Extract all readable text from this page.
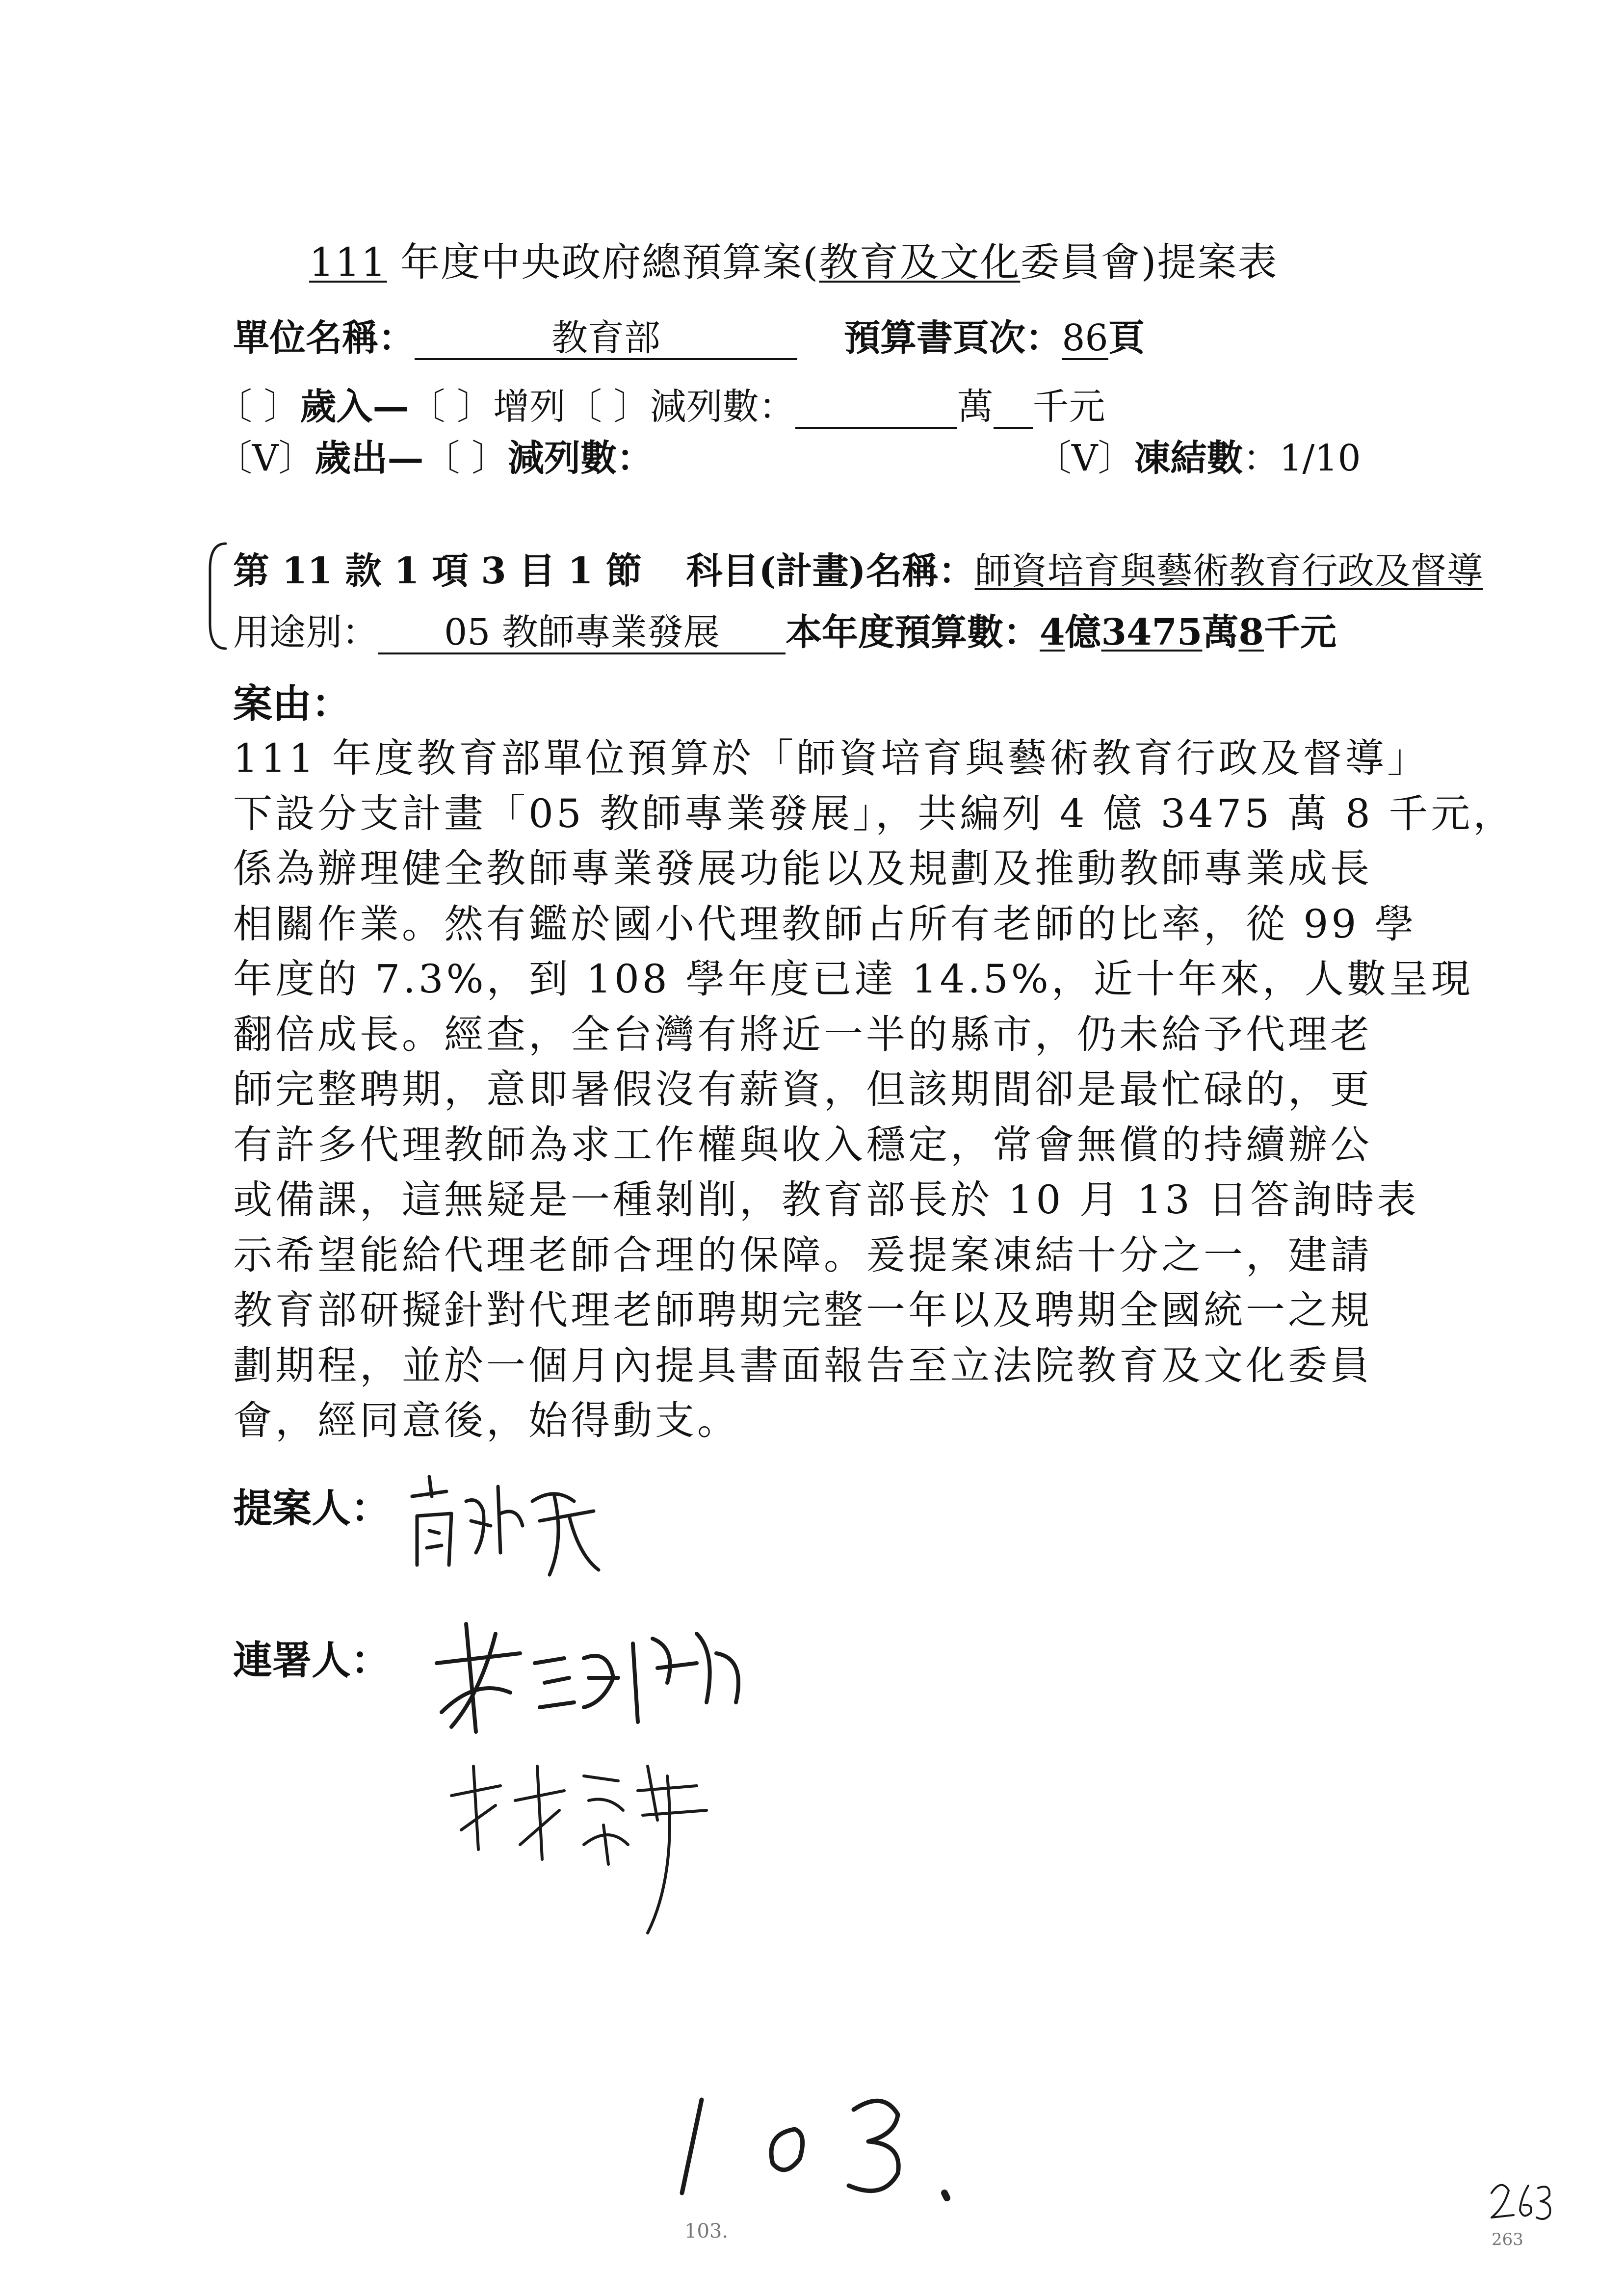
111 年度中央政府總預算案(教育及文化委員會)提案表
單位名稱：	教育部	預算書頁次：86頁
〔 〕歲入—〔 〕增列〔 〕減列數：	萬 千元
〔V〕歲出—〔 〕減列數：	〔V〕凍結數：1/10
第 11 款 1 項 3 目 1 節 科目(計畫)名稱：師資培育與藝術教育行政及督導
用途別： 05 教師專業發展 本年度預算數：4億3475萬8千元
案由：
111 年度教育部單位預算於「師資培育與藝術教育行政及督導」
下設分支計畫「05 教師專業發展」，共編列 4 億 3475 萬 8 千元，
係為辦理健全教師專業發展功能以及規劃及推動教師專業成長
相關作業。然有鑑於國小代理教師占所有老師的比率，從 99 學
年度的 7.3%，到 108 學年度已達 14.5%，近十年來，人數呈現
翻倍成長。經查，全台灣有將近一半的縣市，仍未給予代理老
師完整聘期，意即暑假沒有薪資，但該期間卻是最忙碌的，更
有許多代理教師為求工作權與收入穩定，常會無償的持續辦公
或備課，這無疑是一種剝削，教育部長於 10 月 13 日答詢時表
示希望能給代理老師合理的保障。爰提案凍結十分之一，建請
教育部研擬針對代理老師聘期完整一年以及聘期全國統一之規
劃期程，並於一個月內提具書面報告至立法院教育及文化委員
會，經同意後，始得動支。
提案人：
連署人：
103.	263
